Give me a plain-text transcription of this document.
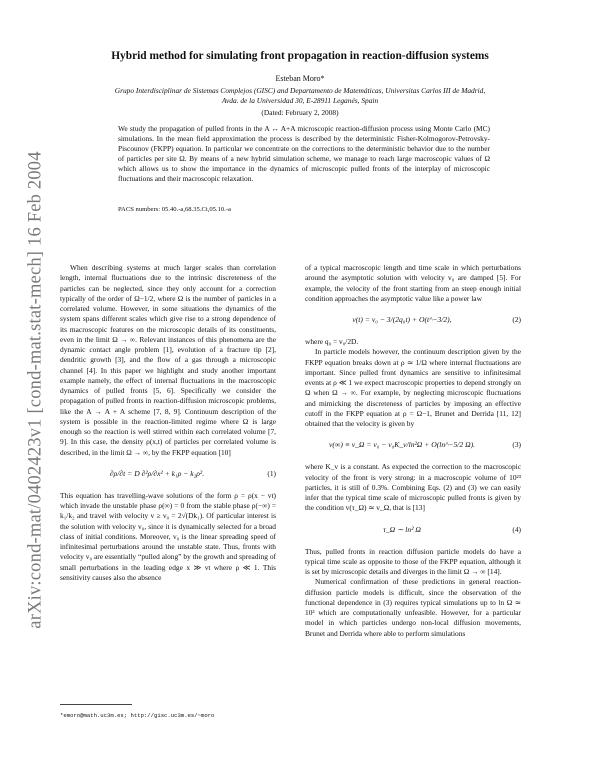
arXiv:cond-mat/0402423v1 [cond-mat.stat-mech] 16 Feb 2004
Hybrid method for simulating front propagation in reaction-diffusion systems
Esteban Moro*
Grupo Interdisciplinar de Sistemas Complejos (GISC) and Departamento de Matemáticas, Universitas Carlos III de Madrid, Avda. de la Universidad 30, E-28911 Leganés, Spain
(Dated: February 2, 2008)
We study the propagation of pulled fronts in the A ↔ A+A microscopic reaction-diffusion process using Monte Carlo (MC) simulations. In the mean field approximation the process is described by the deterministic Fisher-Kolmogorov-Petrovsky-Piscounov (FKPP) equation. In particular we concentrate on the corrections to the deterministic behavior due to the number of particles per site Ω. By means of a new hybrid simulation scheme, we manage to reach large macroscopic values of Ω which allows us to show the importance in the dynamics of microscopic pulled fronts of the interplay of microscopic fluctuations and their macroscopic relaxation.
PACS numbers: 05.40.-a,68.35.Ct,05.10.-a

When describing systems at much larger scales than correlation length, internal fluctuations due to the intrinsic discreteness of the particles can be neglected, since they only account for a correction typically of the order of Ω−1/2, where Ω is the number of particles in a correlated volume. However, in some situations the dynamics of the system spans different scales which give rise to a strong dependence of its macroscopic features on the microscopic details of its constituents, even in the limit Ω → ∞. Relevant instances of this phenomena are the dynamic contact angle problem [1], evolution of a fracture tip [2], dendritic growth [3], and the flow of a gas through a microscopic channel [4]. In this paper we highlight and study another important example namely, the effect of internal fluctuations in the macroscopic dynamics of pulled fronts [5, 6]. Specifically we consider the propagation of pulled fronts in reaction-diffusion microscopic problems, like the A → A + A scheme [7, 8, 9]. Continuum description of the system is possible in the reaction-limited regime where Ω is large enough so the reaction is well stirred within each correlated volume [7, 9]. In this case, the density ρ(x,t) of particles per correlated volume is described, in the limit Ω → ∞, by the FKPP equation [10]

∂ρ/∂t = D ∂²ρ/∂x² + k₁ρ − k₂ρ².	(1)

This equation has travelling-wave solutions of the form ρ = ρ(x − vt) which invade the unstable phase ρ(∞) = 0 from the stable phase ρ(−∞) = k₁/k₂ and travel with velocity v ≥ v₀ = 2√(Dk₁). Of particular interest is the solution with velocity v₀, since it is dynamically selected for a broad class of initial conditions. Moreover, v₀ is the linear spreading speed of infinitesimal perturbations around the unstable state. Thus, fronts with velocity v₀ are essentially “pulled along” by the growth and spreading of small perturbations in the leading edge x ≫ vt where ρ ≪ 1. This sensitivity causes also the absence

of a typical macroscopic length and time scale in which perturbations around the asymptotic solution with velocity v₀ are damped [5]. For example, the velocity of the front starting from an steep enough initial condition approaches the asymptotic value like a power law

v(t) = v₀ − 3/(2q₀t) + O(t^−3/2),	(2)

where q₀ = v₀/2D.

In particle models however, the continuum description given by the FKPP equation breaks down at ρ ≃ 1/Ω where internal fluctuations are important. Since pulled front dynamics are sensitive to infinitesimal events at ρ ≪ 1 we expect macroscopic properties to depend strongly on Ω when Ω → ∞. For example, by neglecting microscopic fluctuations and mimicking the discreteness of particles by imposing an effective cutoff in the FKPP equation at ρ = Ω−1, Brunet and Derrida [11, 12] obtained that the velocity is given by

v(∞) ≡ v_Ω = v₀ − v₀K_v/ln²Ω + O(ln^−5/2 Ω).	(3)

where K_v is a constant. As expected the correction to the macroscopic velocity of the front is very strong: in a macroscopic volume of 10²³ particles, it is still of 0.3%. Combining Eqs. (2) and (3) we can easily infer that the typical time scale of microscopic pulled fronts is given by the condition v(τ_Ω) ≃ v_Ω, that is [13]

τ_Ω ∼ ln² Ω	(4)

Thus, pulled fronts in reaction diffusion particle models do have a typical time scale as opposite to those of the FKPP equation, although it is set by microscopic details and diverges in the limit Ω → ∞ [14].

Numerical confirmation of these predictions in general reaction-diffusion particle models is difficult, since the observation of the functional dependence in (3) requires typical simulations up to ln Ω ≃ 10² which are computationally unfeasible. However, for a particular model in which particles undergo non-local diffusion movements, Brunet and Derrida where able to perform simulations

*emoro@math.uc3m.es; http://gisc.uc3m.es/~moro
